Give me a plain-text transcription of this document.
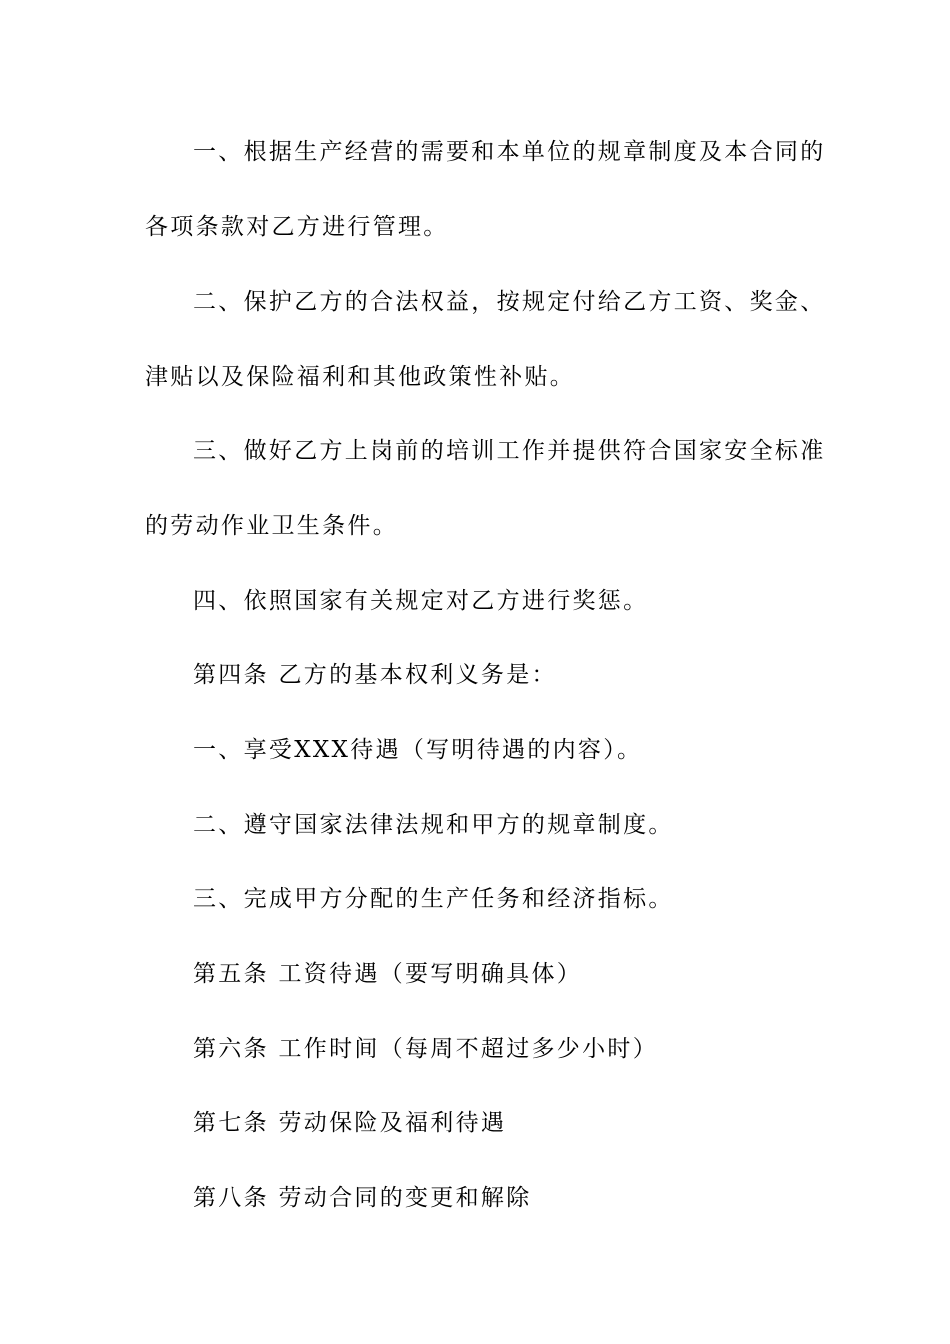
一、根据生产经营的需要和本单位的规章制度及本合同的
各项条款对乙方进行管理。
二、保护乙方的合法权益，按规定付给乙方工资、奖金、
津贴以及保险福利和其他政策性补贴。
三、做好乙方上岗前的培训工作并提供符合国家安全标准
的劳动作业卫生条件。
四、依照国家有关规定对乙方进行奖惩。
第四条 乙方的基本权利义务是：
一、享受XXX待遇（写明待遇的内容）。
二、遵守国家法律法规和甲方的规章制度。
三、完成甲方分配的生产任务和经济指标。
第五条 工资待遇（要写明确具体）
第六条 工作时间（每周不超过多少小时）
第七条 劳动保险及福利待遇
第八条 劳动合同的变更和解除
